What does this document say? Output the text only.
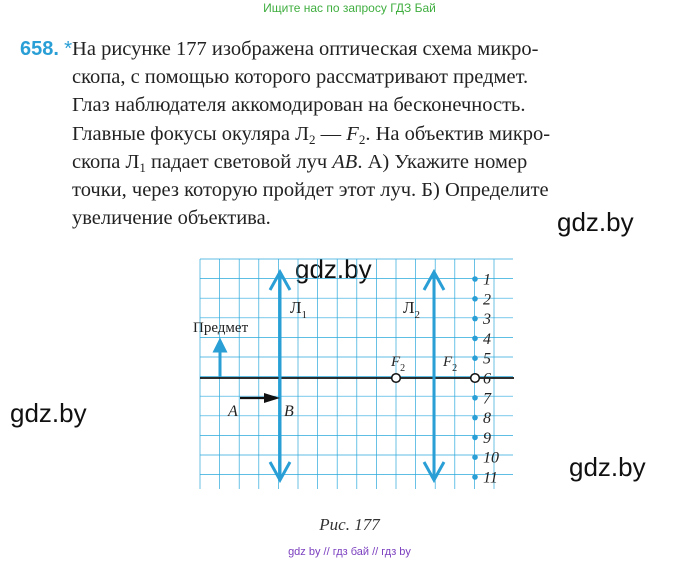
Ищите нас по запросу ГДЗ Бай
658. *На рисунке 177 изображена оптическая схема микро-
скопа, с помощью которого рассматривают предмет.
Глаз наблюдателя аккомодирован на бесконечность.
Главные фокусы окуляра $Л_2$ — $F_2$. На объектив микро-
скопа $Л_1$ падает световой луч AB. А) Укажите номер
точки, через которую пройдет этот луч. Б) Определите
увеличение объектива.	gdz.by
gdz.by
gdz.by
gdz.by
1
2
3
4
5
6
7
8
9
10
11
$Л_1$	$Л_2$
Предмет
$F_2$	$F_2$
A	B
Рис. 177
gdz by // гдз бай // гдз by
